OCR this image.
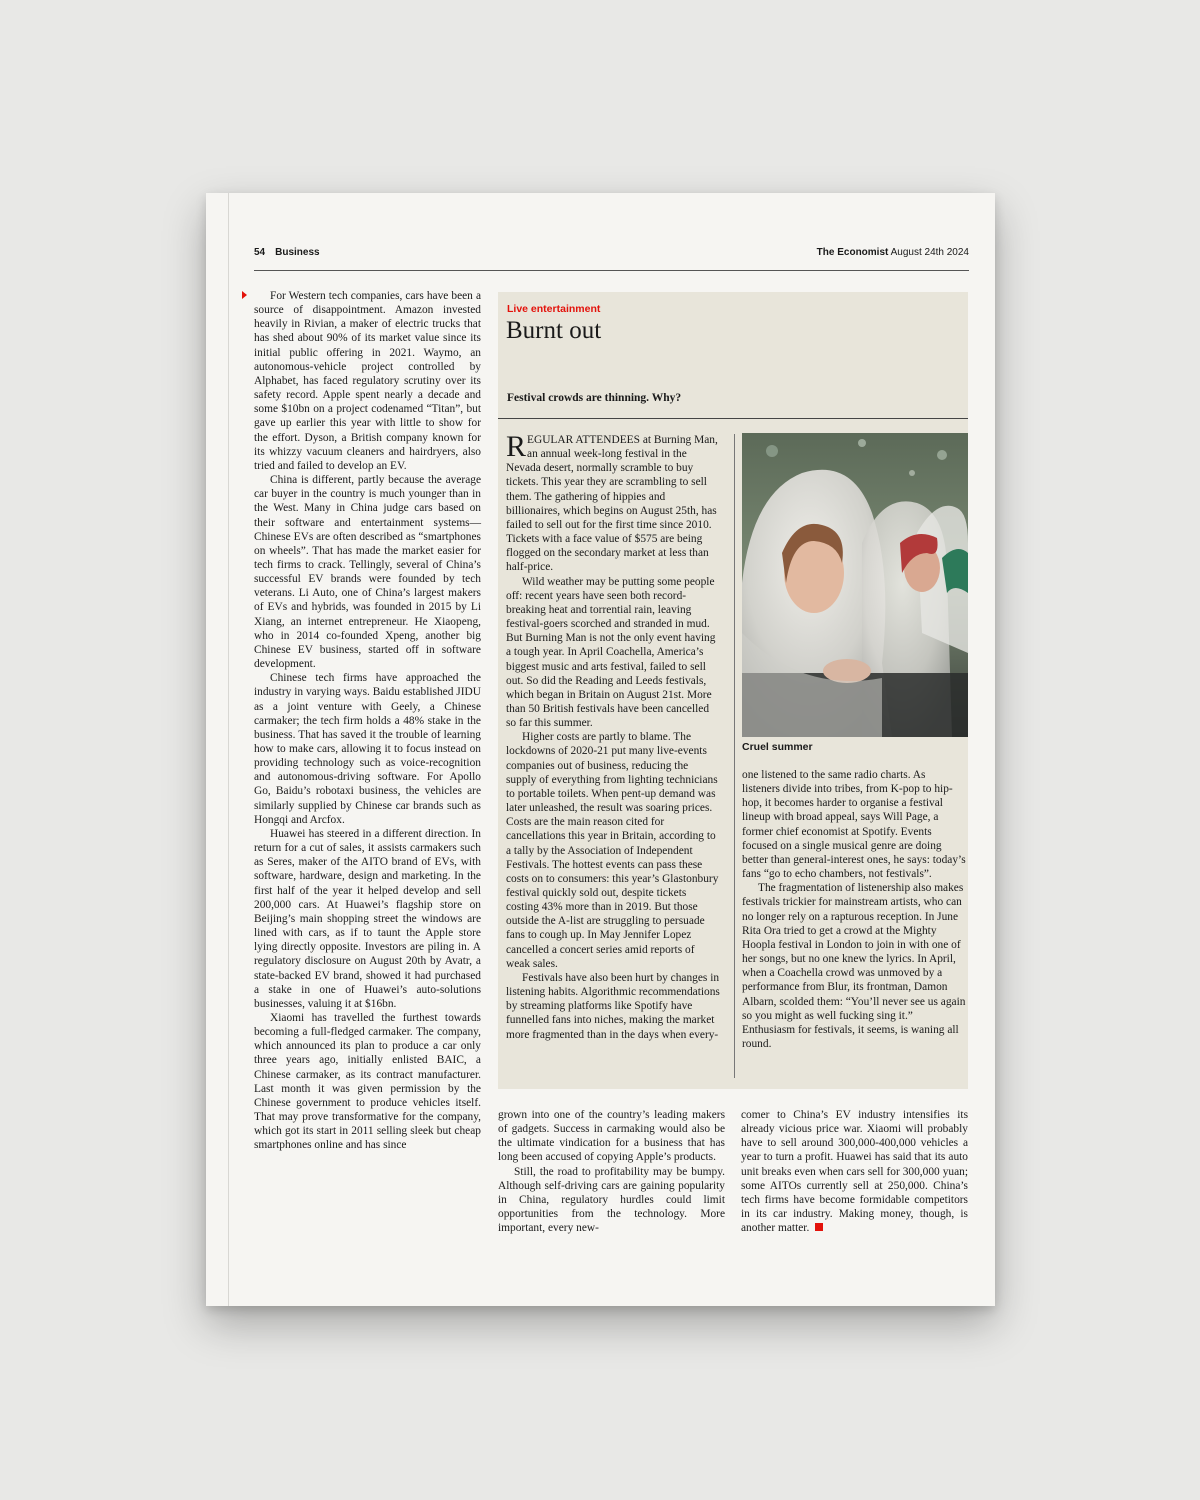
54 Business	The Economist August 24th 2024

For Western tech companies, cars have been a source of disappointment. Amazon invested heavily in Rivian, a maker of electric trucks that has shed about 90% of its market value since its initial public offering in 2021. Waymo, an autonomous-vehicle project controlled by Alphabet, has faced regulatory scrutiny over its safety record. Apple spent nearly a decade and some $10bn on a project codenamed “Titan”, but gave up earlier this year with little to show for the effort. Dyson, a British company known for its whizzy vacuum cleaners and hairdryers, also tried and failed to develop an EV.

China is different, partly because the average car buyer in the country is much younger than in the West. Many in China judge cars based on their software and entertainment systems—Chinese EVs are often described as “smartphones on wheels”. That has made the market easier for tech firms to crack. Tellingly, several of China’s successful EV brands were founded by tech veterans. Li Auto, one of China’s largest makers of EVs and hybrids, was founded in 2015 by Li Xiang, an internet entrepreneur. He Xiaopeng, who in 2014 co-founded Xpeng, another big Chinese EV business, started off in software development.

Chinese tech firms have approached the industry in varying ways. Baidu established JIDU as a joint venture with Geely, a Chinese carmaker; the tech firm holds a 48% stake in the business. That has saved it the trouble of learning how to make cars, allowing it to focus instead on providing technology such as voice-recognition and autonomous-driving software. For Apollo Go, Baidu’s robotaxi business, the vehicles are similarly supplied by Chinese car brands such as Hongqi and Arcfox.

Huawei has steered in a different direction. In return for a cut of sales, it assists carmakers such as Seres, maker of the AITO brand of EVs, with software, hardware, design and marketing. In the first half of the year it helped develop and sell 200,000 cars. At Huawei’s flagship store on Beijing’s main shopping street the windows are lined with cars, as if to taunt the Apple store lying directly opposite. Investors are piling in. A regulatory disclosure on August 20th by Avatr, a state-backed EV brand, showed it had purchased a stake in one of Huawei’s auto-solutions businesses, valuing it at $16bn.

Xiaomi has travelled the furthest towards becoming a full-fledged carmaker. The company, which announced its plan to produce a car only three years ago, initially enlisted BAIC, a Chinese carmaker, as its contract manufacturer. Last month it was given permission by the Chinese government to produce vehicles itself. That may prove transformative for the company, which got its start in 2011 selling sleek but cheap smartphones online and has since

Live entertainment
Burnt out
Festival crowds are thinning. Why?

REGULAR ATTENDEES at Burning Man, an annual week-long festival in the Nevada desert, normally scramble to buy tickets. This year they are scrambling to sell them. The gathering of hippies and billionaires, which begins on August 25th, has failed to sell out for the first time since 2010. Tickets with a face value of $575 are being flogged on the secondary market at less than half-price.

Wild weather may be putting some people off: recent years have seen both record-breaking heat and torrential rain, leaving festival-goers scorched and stranded in mud. But Burning Man is not the only event having a tough year. In April Coachella, America’s biggest music and arts festival, failed to sell out. So did the Reading and Leeds festivals, which began in Britain on August 21st. More than 50 British festivals have been cancelled so far this summer.

Higher costs are partly to blame. The lockdowns of 2020-21 put many live-events companies out of business, reducing the supply of everything from lighting technicians to portable toilets. When pent-up demand was later unleashed, the result was soaring prices. Costs are the main reason cited for cancellations this year in Britain, according to a tally by the Association of Independent Festivals. The hottest events can pass these costs on to consumers: this year’s Glastonbury festival quickly sold out, despite tickets costing 43% more than in 2019. But those outside the A-list are struggling to persuade fans to cough up. In May Jennifer Lopez cancelled a concert series amid reports of weak sales.

Festivals have also been hurt by changes in listening habits. Algorithmic recommendations by streaming platforms like Spotify have funnelled fans into niches, making the market more fragmented than in the days when every-

Cruel summer

one listened to the same radio charts. As listeners divide into tribes, from K-pop to hip-hop, it becomes harder to organise a festival lineup with broad appeal, says Will Page, a former chief economist at Spotify. Events focused on a single musical genre are doing better than general-interest ones, he says: today’s fans “go to echo chambers, not festivals”.

The fragmentation of listenership also makes festivals trickier for mainstream artists, who can no longer rely on a rapturous reception. In June Rita Ora tried to get a crowd at the Mighty Hoopla festival in London to join in with one of her songs, but no one knew the lyrics. In April, when a Coachella crowd was unmoved by a performance from Blur, its frontman, Damon Albarn, scolded them: “You’ll never see us again so you might as well fucking sing it.” Enthusiasm for festivals, it seems, is waning all round.

grown into one of the country’s leading makers of gadgets. Success in carmaking would also be the ultimate vindication for a business that has long been accused of copying Apple’s products.

Still, the road to profitability may be bumpy. Although self-driving cars are gaining popularity in China, regulatory hurdles could limit opportunities from the technology. More important, every new-

comer to China’s EV industry intensifies its already vicious price war. Xiaomi will probably have to sell around 300,000-400,000 vehicles a year to turn a profit. Huawei has said that its auto unit breaks even when cars sell for 300,000 yuan; some AITOs currently sell at 250,000. China’s tech firms have become formidable competitors in its car industry. Making money, though, is another matter.
